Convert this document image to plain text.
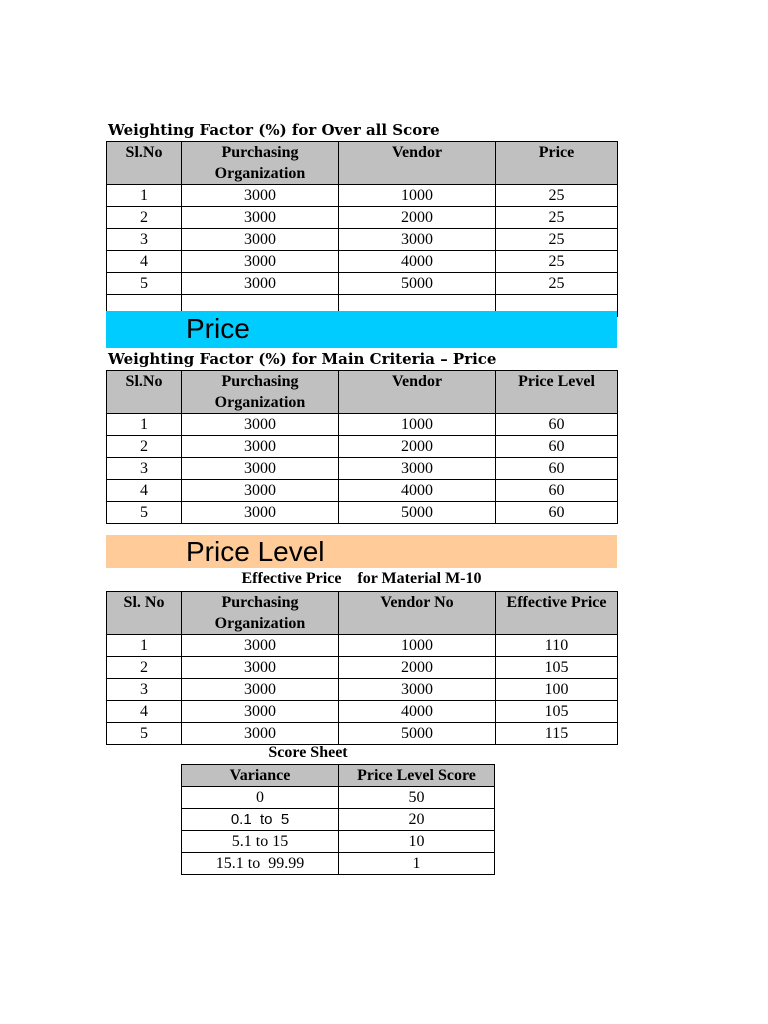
Weighting Factor (%) for Over all Score
Sl.No	Purchasing Organization	Vendor	Price
1	3000	1000	25
2	3000	2000	25
3	3000	3000	25
4	3000	4000	25
5	3000	5000	25

Price
Weighting Factor (%) for Main Criteria – Price
Sl.No	Purchasing Organization	Vendor	Price Level
1	3000	1000	60
2	3000	2000	60
3	3000	3000	60
4	3000	4000	60
5	3000	5000	60
Price Level
Effective Price    for Material M-10
Sl. No	Purchasing Organization	Vendor No	Effective Price
1	3000	1000	110
2	3000	2000	105
3	3000	3000	100
4	3000	4000	105
5	3000	5000	115
Score Sheet
Variance	Price Level Score
0	50
0.1  to  5	20
5.1 to 15	10
15.1 to  99.99	1
